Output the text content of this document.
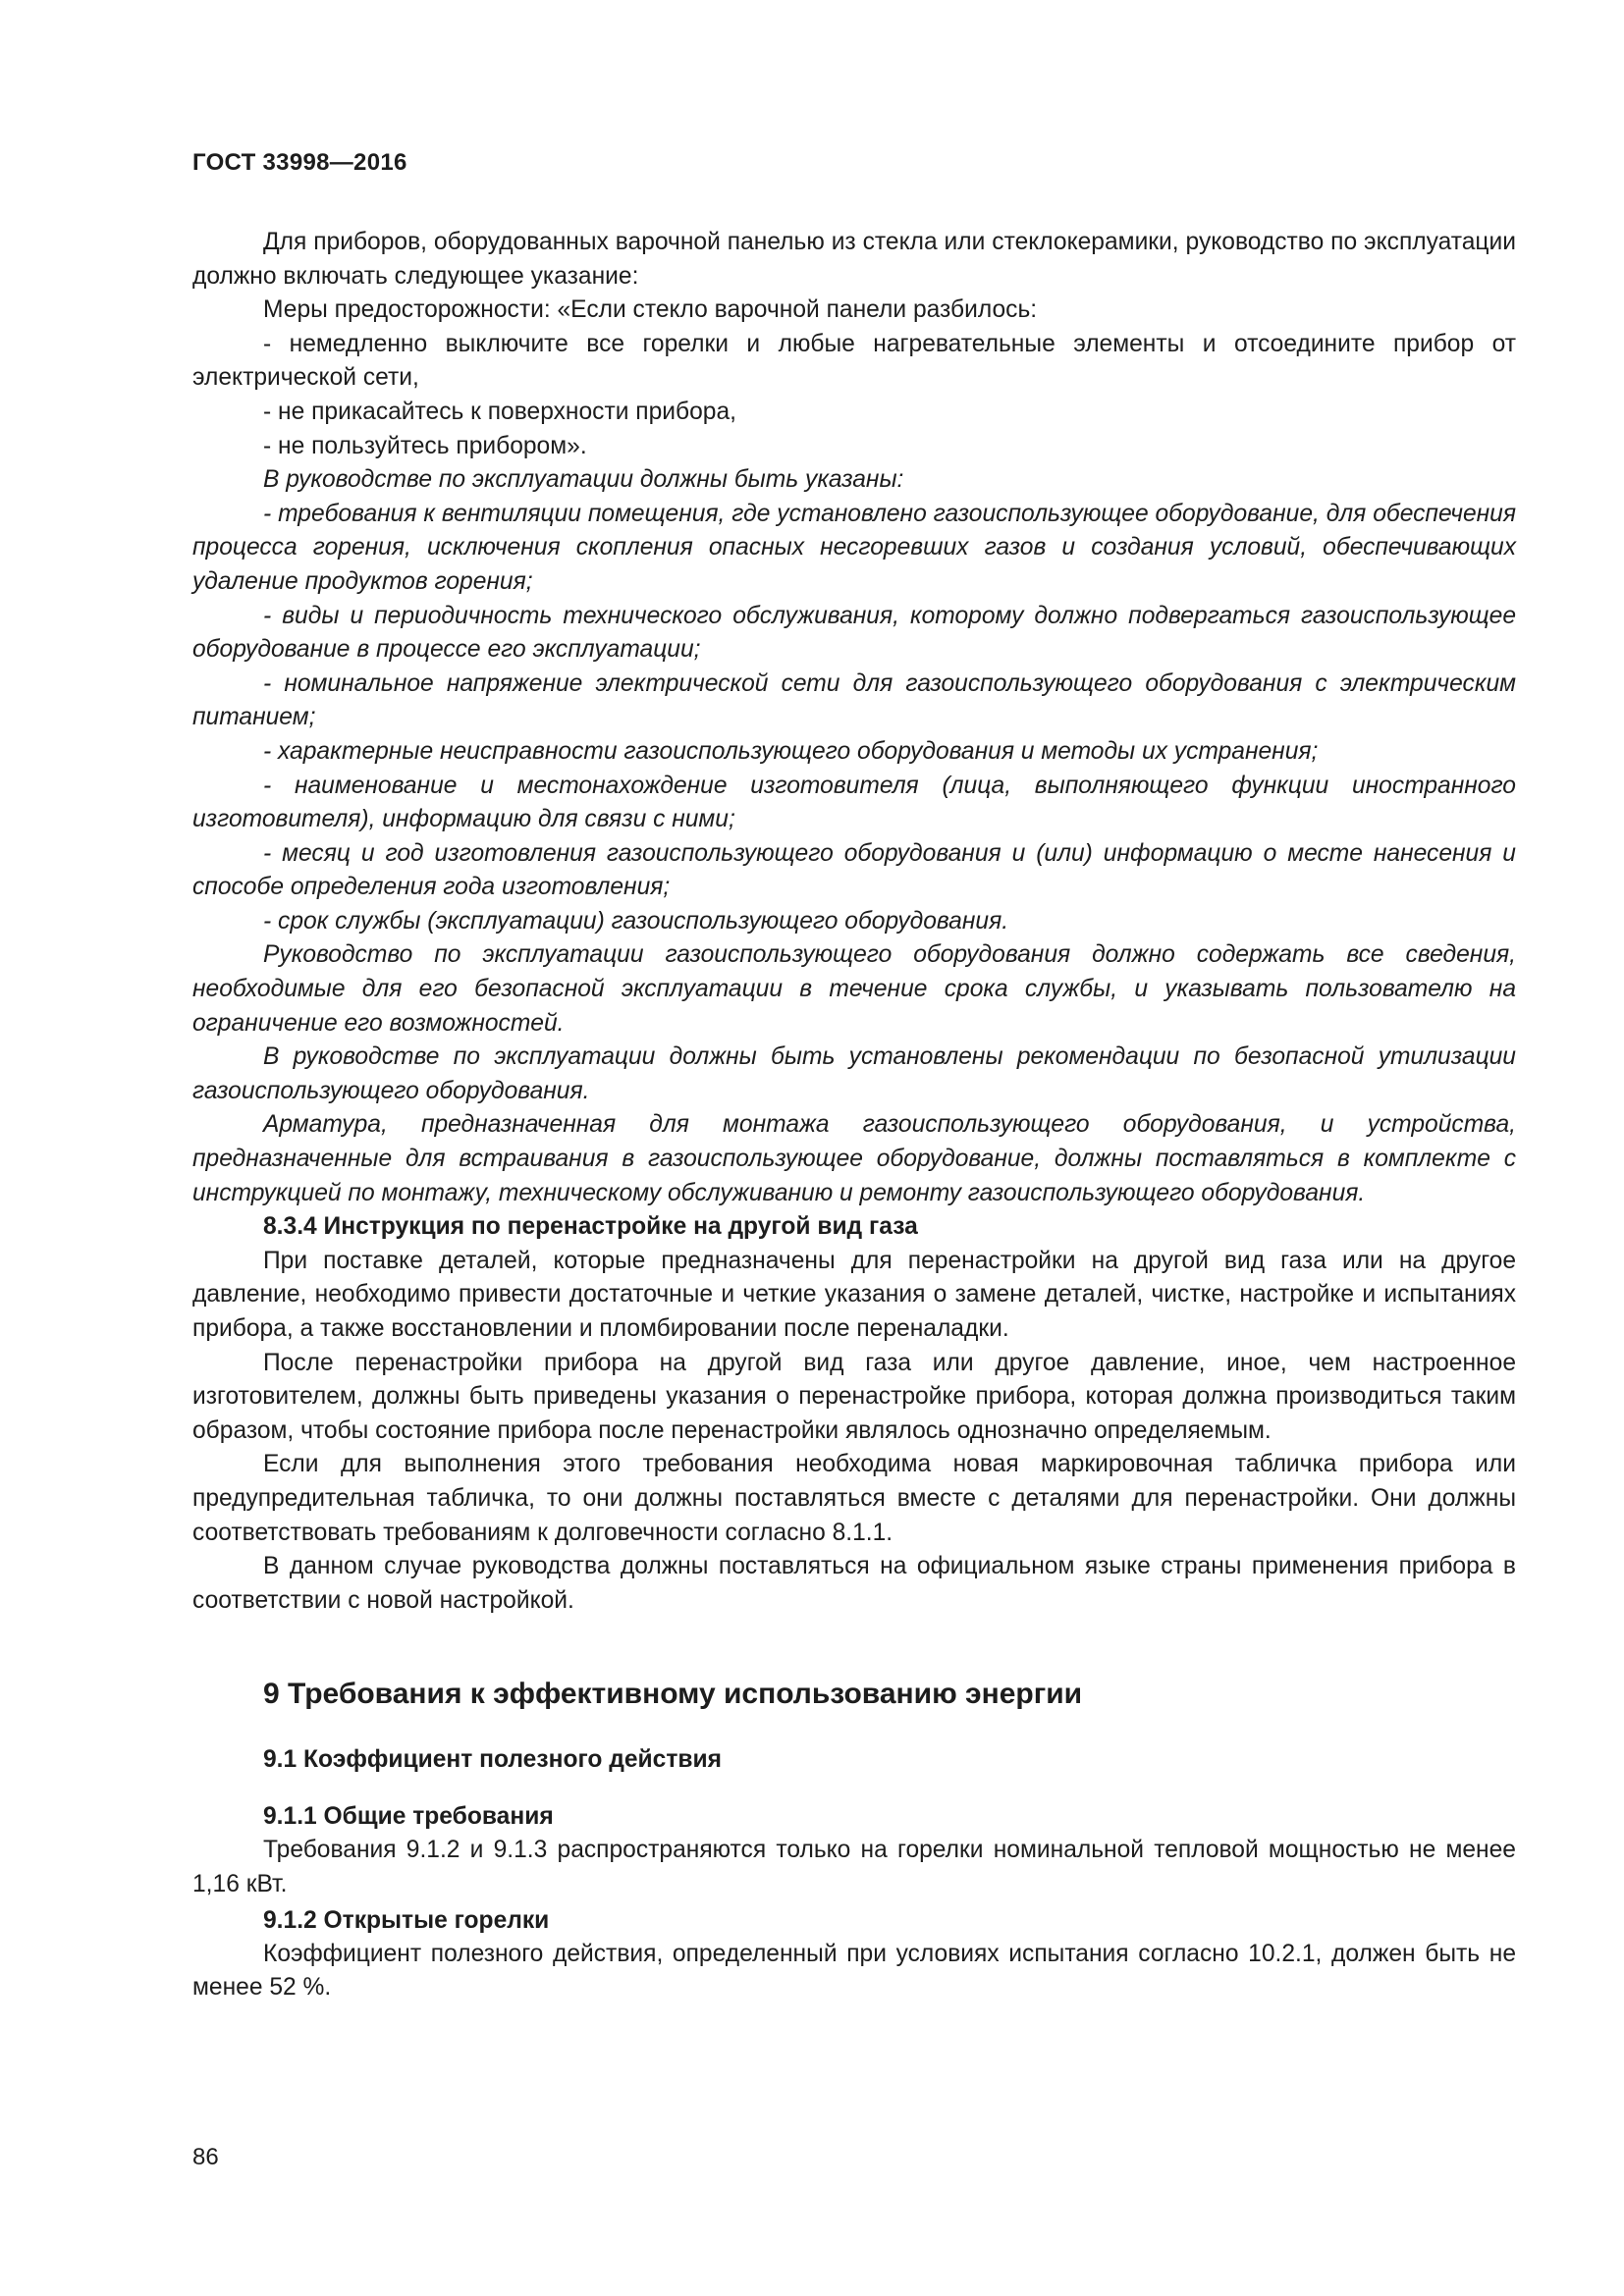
ГОСТ 33998—2016

Для приборов, оборудованных варочной панелью из стекла или стеклокерамики, руководство по эксплуатации должно включать следующее указание:

Меры предосторожности: «Если стекло варочной панели разбилось:

- немедленно выключите все горелки и любые нагревательные элементы и отсоедините прибор от электрической сети,

- не прикасайтесь к поверхности прибора,

- не пользуйтесь прибором».

В руководстве по эксплуатации должны быть указаны:

- требования к вентиляции помещения, где установлено газоиспользующее оборудование, для обеспечения процесса горения, исключения скопления опасных несгоревших газов и создания условий, обеспечивающих удаление продуктов горения;

- виды и периодичность технического обслуживания, которому должно подвергаться газоиспользующее оборудование в процессе его эксплуатации;

- номинальное напряжение электрической сети для газоиспользующего оборудования с электрическим питанием;

- характерные неисправности газоиспользующего оборудования и методы их устранения;

- наименование и местонахождение изготовителя (лица, выполняющего функции иностранного изготовителя), информацию для связи с ними;

- месяц и год изготовления газоиспользующего оборудования и (или) информацию о месте нанесения и способе определения года изготовления;

- срок службы (эксплуатации) газоиспользующего оборудования.

Руководство по эксплуатации газоиспользующего оборудования должно содержать все сведения, необходимые для его безопасной эксплуатации в течение срока службы, и указывать пользователю на ограничение его возможностей.

В руководстве по эксплуатации должны быть установлены рекомендации по безопасной утилизации газоиспользующего оборудования.

Арматура, предназначенная для монтажа газоиспользующего оборудования, и устройства, предназначенные для встраивания в газоиспользующее оборудование, должны поставляться в комплекте с инструкцией по монтажу, техническому обслуживанию и ремонту газоиспользующего оборудования.

8.3.4 Инструкция по перенастройке на другой вид газа

При поставке деталей, которые предназначены для перенастройки на другой вид газа или на другое давление, необходимо привести достаточные и четкие указания о замене деталей, чистке, настройке и испытаниях прибора, а также восстановлении и пломбировании после переналадки.

После перенастройки прибора на другой вид газа или другое давление, иное, чем настроенное изготовителем, должны быть приведены указания о перенастройке прибора, которая должна производиться таким образом, чтобы состояние прибора после перенастройки являлось однозначно определяемым.

Если для выполнения этого требования необходима новая маркировочная табличка прибора или предупредительная табличка, то они должны поставляться вместе с деталями для перенастройки. Они должны соответствовать требованиям к долговечности согласно 8.1.1.

В данном случае руководства должны поставляться на официальном языке страны применения прибора в соответствии с новой настройкой.

9 Требования к эффективному использованию энергии
9.1 Коэффициент полезного действия
9.1.1 Общие требования

Требования 9.1.2 и 9.1.3 распространяются только на горелки номинальной тепловой мощностью не менее 1,16 кВт.

9.1.2 Открытые горелки

Коэффициент полезного действия, определенный при условиях испытания согласно 10.2.1, должен быть не менее 52 %.

86
